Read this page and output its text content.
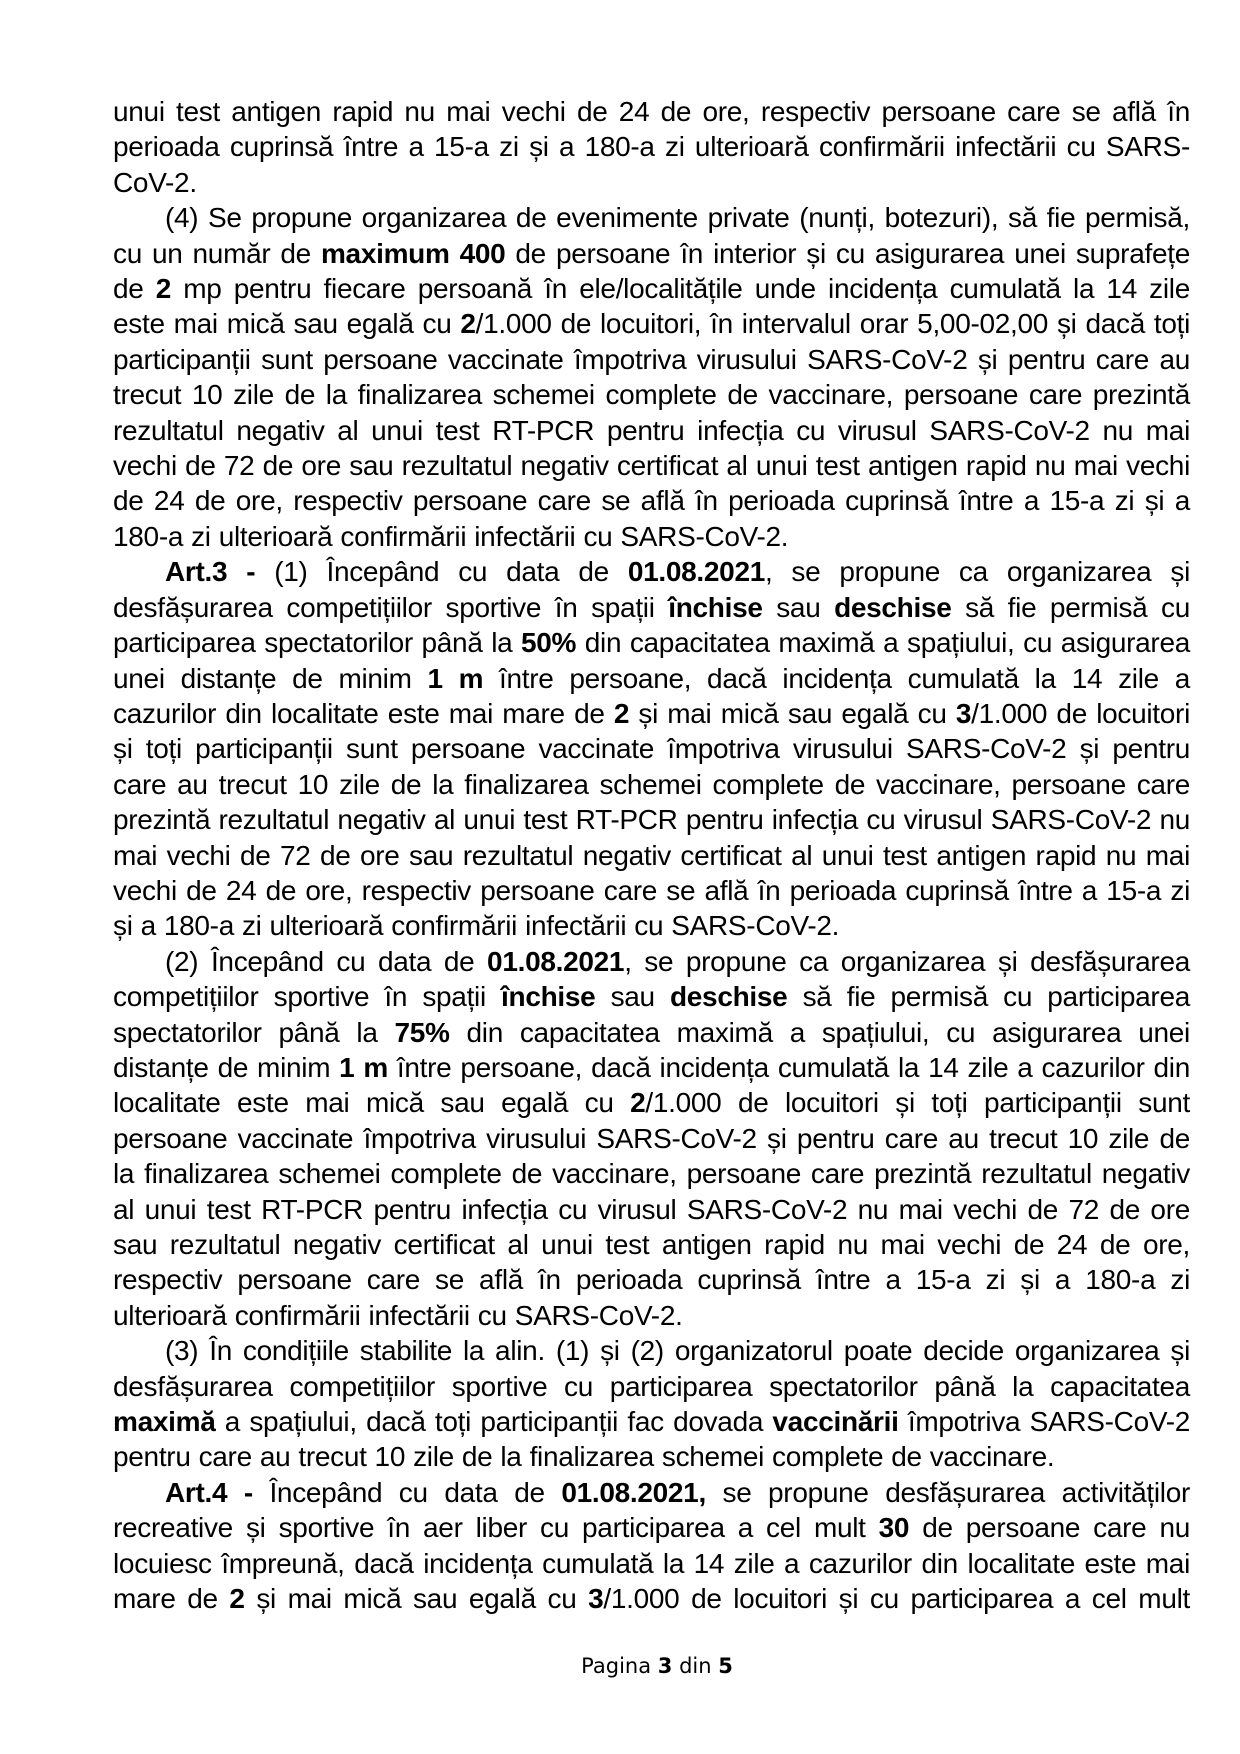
unui test antigen rapid nu mai vechi de 24 de ore, respectiv persoane care se află în perioada cuprinsă între a 15-a zi și a 180-a zi ulterioară confirmării infectării cu SARS-CoV-2.

(4) Se propune organizarea de evenimente private (nunți, botezuri), să fie permisă, cu un număr de maximum 400 de persoane în interior și cu asigurarea unei suprafețe de 2 mp pentru fiecare persoană în ele/localitățile unde incidența cumulată la 14 zile este mai mică sau egală cu 2/1.000 de locuitori, în intervalul orar 5,00-02,00 și dacă toți participanții sunt persoane vaccinate împotriva virusului SARS-CoV-2 și pentru care au trecut 10 zile de la finalizarea schemei complete de vaccinare, persoane care prezintă rezultatul negativ al unui test RT-PCR pentru infecția cu virusul SARS-CoV-2 nu mai vechi de 72 de ore sau rezultatul negativ certificat al unui test antigen rapid nu mai vechi de 24 de ore, respectiv persoane care se află în perioada cuprinsă între a 15-a zi și a 180-a zi ulterioară confirmării infectării cu SARS-CoV-2.

Art.3 - (1) Începând cu data de 01.08.2021, se propune ca organizarea și desfășurarea competițiilor sportive în spații închise sau deschise să fie permisă cu participarea spectatorilor până la 50% din capacitatea maximă a spațiului, cu asigurarea unei distanțe de minim 1 m între persoane, dacă incidența cumulată la 14 zile a cazurilor din localitate este mai mare de 2 și mai mică sau egală cu 3/1.000 de locuitori și toți participanții sunt persoane vaccinate împotriva virusului SARS-CoV-2 și pentru care au trecut 10 zile de la finalizarea schemei complete de vaccinare, persoane care prezintă rezultatul negativ al unui test RT-PCR pentru infecția cu virusul SARS-CoV-2 nu mai vechi de 72 de ore sau rezultatul negativ certificat al unui test antigen rapid nu mai vechi de 24 de ore, respectiv persoane care se află în perioada cuprinsă între a 15-a zi și a 180-a zi ulterioară confirmării infectării cu SARS-CoV-2.

(2) Începând cu data de 01.08.2021, se propune ca organizarea și desfășurarea competițiilor sportive în spații închise sau deschise să fie permisă cu participarea spectatorilor până la 75% din capacitatea maximă a spațiului, cu asigurarea unei distanțe de minim 1 m între persoane, dacă incidența cumulată la 14 zile a cazurilor din localitate este mai mică sau egală cu 2/1.000 de locuitori și toți participanții sunt persoane vaccinate împotriva virusului SARS-CoV-2 și pentru care au trecut 10 zile de la finalizarea schemei complete de vaccinare, persoane care prezintă rezultatul negativ al unui test RT-PCR pentru infecția cu virusul SARS-CoV-2 nu mai vechi de 72 de ore sau rezultatul negativ certificat al unui test antigen rapid nu mai vechi de 24 de ore, respectiv persoane care se află în perioada cuprinsă între a 15-a zi și a 180-a zi ulterioară confirmării infectării cu SARS-CoV-2.

(3) În condițiile stabilite la alin. (1) și (2) organizatorul poate decide organizarea și desfășurarea competițiilor sportive cu participarea spectatorilor până la capacitatea maximă a spațiului, dacă toți participanții fac dovada vaccinării împotriva SARS-CoV-2 pentru care au trecut 10 zile de la finalizarea schemei complete de vaccinare.

Art.4 - Începând cu data de 01.08.2021, se propune desfășurarea activităților recreative și sportive în aer liber cu participarea a cel mult 30 de persoane care nu locuiesc împreună, dacă incidența cumulată la 14 zile a cazurilor din localitate este mai mare de 2 și mai mică sau egală cu 3/1.000 de locuitori și cu participarea a cel mult

Pagina 3 din 5
